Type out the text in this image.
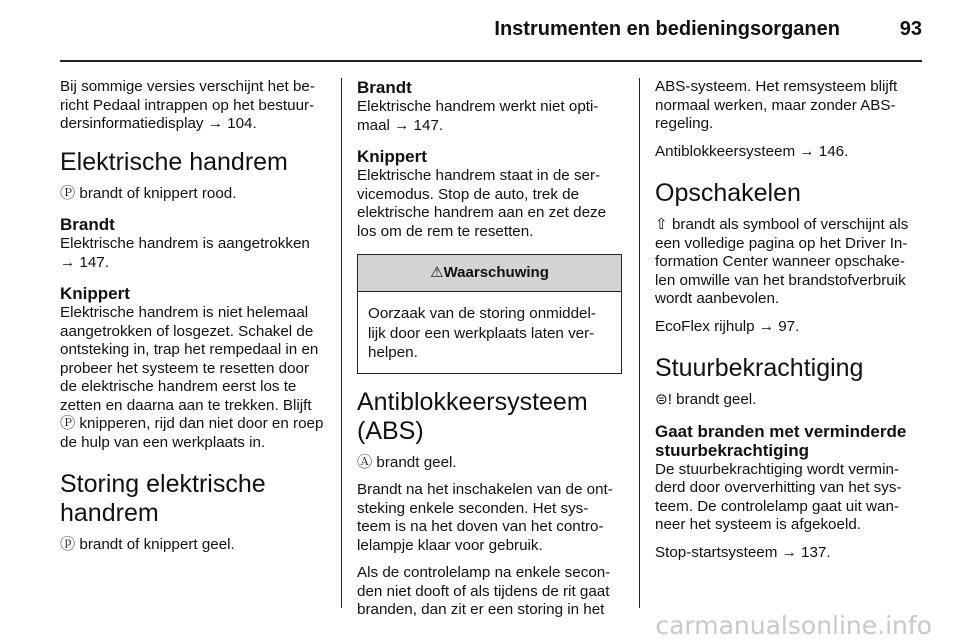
Instrumenten en bedieningsorganen	93

Bij sommige versies verschijnt het be-richt Pedaal intrappen op het bestuur-dersinformatiedisplay → 104.

Elektrische handrem

Ⓟ brandt of knippert rood.

Brandt

Elektrische handrem is aangetrokken → 147.

Knippert

Elektrische handrem is niet helemaal aangetrokken of losgezet. Schakel de ontsteking in, trap het rempedaal in en probeer het systeem te resetten door de elektrische handrem eerst los te zetten en daarna aan te trekken. Blijft Ⓟ knipperen, rijd dan niet door en roep de hulp van een werkplaats in.

Storing elektrische handrem

ⓟ brandt of knippert geel.

Brandt

Elektrische handrem werkt niet opti-maal → 147.

Knippert

Elektrische handrem staat in de ser-vicemodus. Stop de auto, trek de elektrische handrem aan en zet deze los om de rem te resetten.

⚠Waarschuwing
Oorzaak van de storing onmiddel-lijk door een werkplaats laten ver-helpen.
Antiblokkeersysteem (ABS)

Ⓐ brandt geel.

Brandt na het inschakelen van de ont-steking enkele seconden. Het sys-teem is na het doven van het contro-lelampje klaar voor gebruik.

Als de controlelamp na enkele secon-den niet dooft of als tijdens de rit gaat branden, dan zit er een storing in het

ABS-systeem. Het remsysteem blijft normaal werken, maar zonder ABS-regeling.

Antiblokkeersysteem → 146.

Opschakelen

⇧ brandt als symbool of verschijnt als een volledige pagina op het Driver In-formation Center wanneer opschake-len omwille van het brandstofverbruik wordt aanbevolen.

EcoFlex rijhulp → 97.

Stuurbekrachtiging

⊜! brandt geel.

Gaat branden met verminderde stuurbekrachtiging

De stuurbekrachtiging wordt vermin-derd door oververhitting van het sys-teem. De controlelamp gaat uit wan-neer het systeem is afgekoeld.

Stop-startsysteem → 137.

carmanualsonline.info
